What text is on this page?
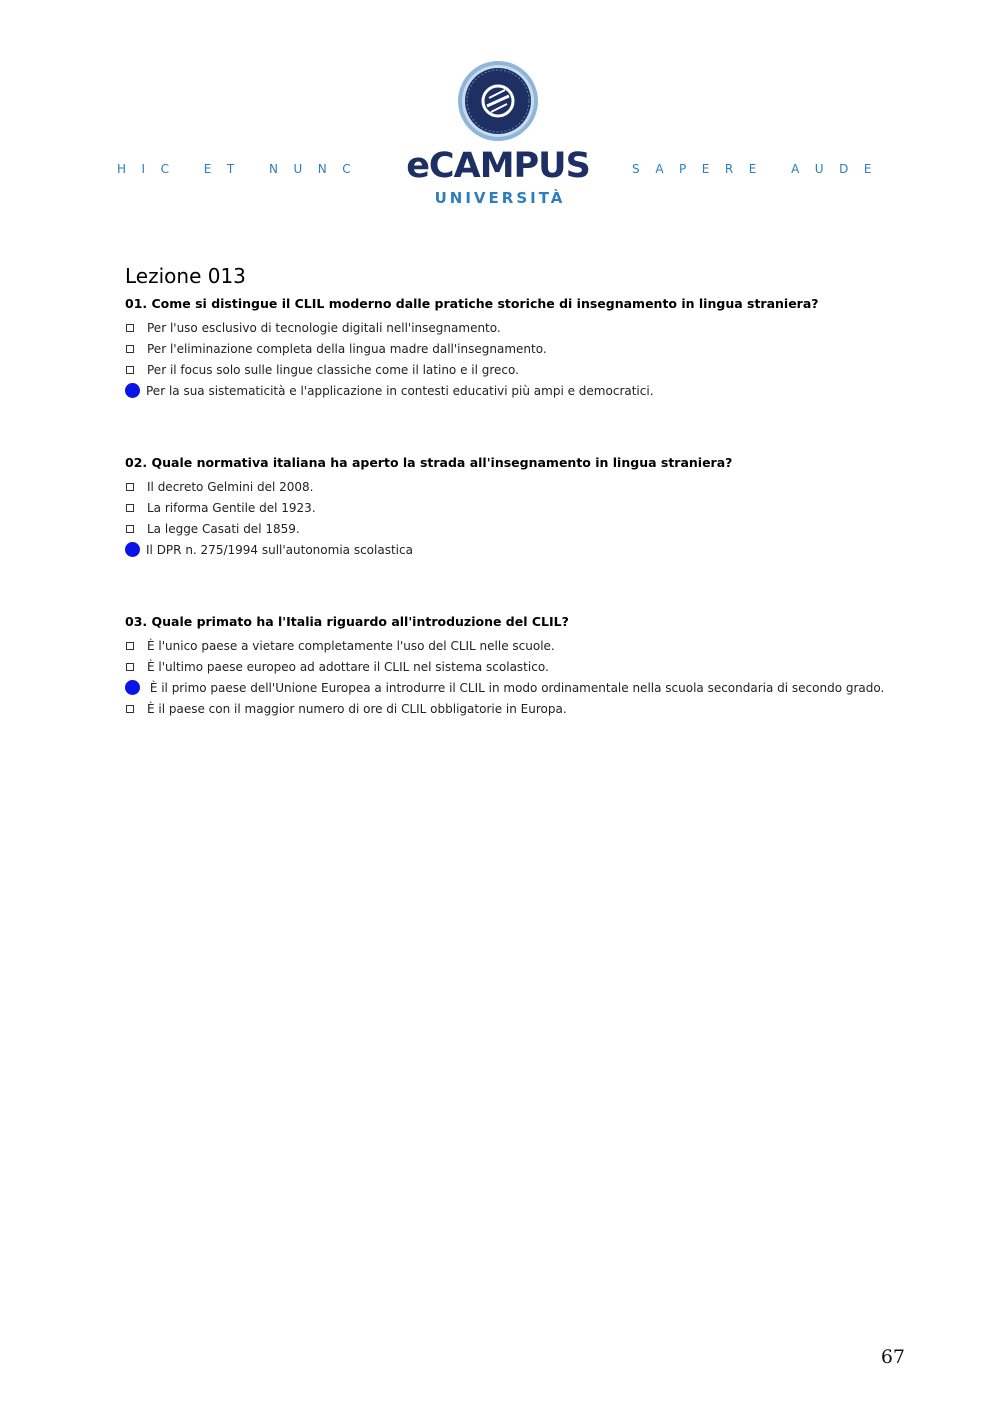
HIC ET NUNC eCAMPUS
UNIVERSITÀ
SAPERE AUDE
Lezione 013
01. Come si distingue il CLIL moderno dalle pratiche storiche di insegnamento in lingua straniera?
Per l'uso esclusivo di tecnologie digitali nell'insegnamento.
Per l'eliminazione completa della lingua madre dall'insegnamento.
Per il focus solo sulle lingue classiche come il latino e il greco.
Per la sua sistematicità e l'applicazione in contesti educativi più ampi e democratici.
02. Quale normativa italiana ha aperto la strada all'insegnamento in lingua straniera?
Il decreto Gelmini del 2008.
La riforma Gentile del 1923.
La legge Casati del 1859.
Il DPR n. 275/1994 sull'autonomia scolastica
03. Quale primato ha l'Italia riguardo all'introduzione del CLIL?
È l'unico paese a vietare completamente l'uso del CLIL nelle scuole.
È l'ultimo paese europeo ad adottare il CLIL nel sistema scolastico.
È il primo paese dell'Unione Europea a introdurre il CLIL in modo ordinamentale nella scuola secondaria di secondo grado.
È il paese con il maggior numero di ore di CLIL obbligatorie in Europa.
67
